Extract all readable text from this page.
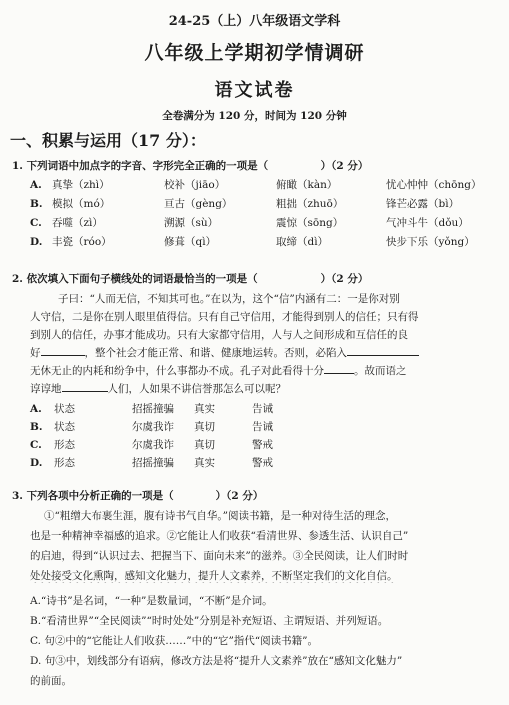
24-25（上）八年级语文学科
八年级上学期初学情调研
语文试卷
全卷满分为 120 分，时间为 120 分钟
一、积累与运用（17 分）：
1. 下列词语中加点字的字音、字形完全正确的一项是（　　　　　）（2 分）
A. 真挚（zhì）	校补（jiāo）	俯瞰（kàn）	忧心忡忡（chōng）
B. 模拟（mó）	亘古（gèng）	粗拙（zhuō）	锋芒必露（bì）
C. 吞噬（zì）	溯源（sù）	震惊（sōng）	气冲斗牛（dǒu）
D. 丰瓷（róo）	修葺（qì）	取缔（dì）	快步下乐（yǒng）
2. 依次填入下面句子横线处的词语最恰当的一项是（　　　　　　）（2 分）
子曰：“人而无信，不知其可也。”在以为，这个“信”内涵有二：一是你对别
人守信，二是你在别人眼里值得信。只有自己守信用，才能得到别人的信任；只有得
到别人的信任，办事才能成功。只有大家都守信用，人与人之间形成和互信任的良
好	，整个社会才能正常、和谐、健康地运转。否则，必陷入
无休无止的内耗和纷争中，什么事都办不成。孔子对此看得十分	。故而语之
谆谆地	人们，人如果不讲信誉那怎么可以呢？
A. 状态	招摇撞骗 真实	告诫
B. 状态	尔虞我诈 真切	告诫
C. 形态	尔虞我诈 真切	警戒
D. 形态	招摇撞骗 真实	警戒
3. 下列各项中分析正确的一项是（　　　　）（2 分）
①“粗缯大布裹生涯，腹有诗书气自华。”阅读书籍，是一种对待生活的理念，
也是一种精神幸福感的追求。②它能让人们收获“看清世界、参透生活、认识自己”
的启迪，得到“认识过去、把握当下、面向未来”的滋养。③全民阅读，让人们时时
处处接受文化熏陶，感知文化魅力，提升人文素养，不断坚定我们的文化自信。
A.“诗书”是名词，“一种”是数量词，“不断”是介词。
B.“看清世界”“全民阅读”“时时处处”分别是补充短语、主谓短语、并列短语。
C. 句②中的“它能让人们收获……”中的“它”指代“阅读书籍”。
D. 句③中，划线部分有语病，修改方法是将“提升人文素养”放在“感知文化魅力”
的前面。
